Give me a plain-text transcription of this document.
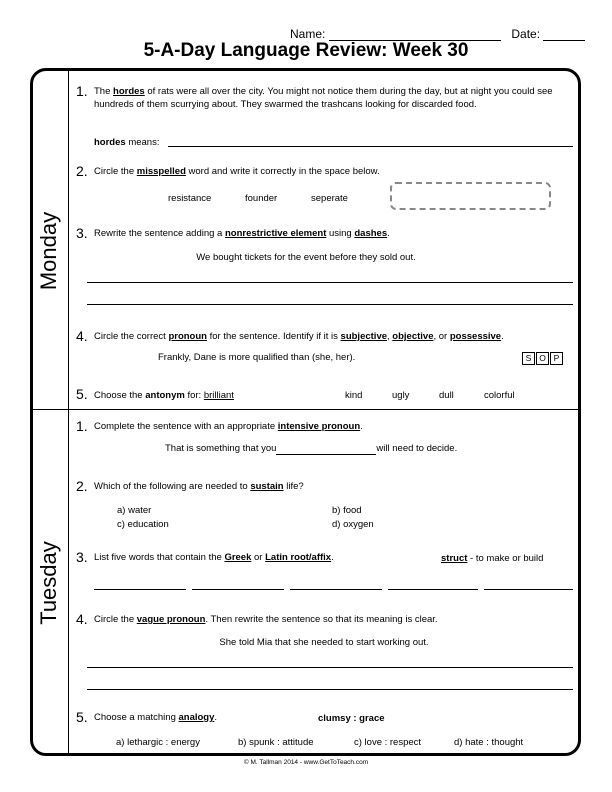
Name:	Date:
5-A-Day Language Review: Week 30
Monday
Tuesday
1. The hordes of rats were all over the city. You might not notice them during the day, but at night you could see hundreds of them scurrying about. They swarmed the trashcans looking for discarded food.
hordes means:
2. Circle the misspelled word and write it correctly in the space below.
resistance	founder	seperate
3. Rewrite the sentence adding a nonrestrictive element using dashes.
We bought tickets for the event before they sold out.
4. Circle the correct pronoun for the sentence. Identify if it is subjective, objective, or possessive.
Frankly, Dane is more qualified than (she, her).	S O P
5. Choose the antonym for: brilliant	kind	ugly	dull	colorful
1. Complete the sentence with an appropriate intensive pronoun.
That is something that you	will need to decide.
2. Which of the following are needed to sustain life?
a) water	b) food
c) education	d) oxygen
3. List five words that contain the Greek or Latin root/affix.	struct - to make or build
4. Circle the vague pronoun. Then rewrite the sentence so that its meaning is clear.
She told Mia that she needed to start working out.
5. Choose a matching analogy.	clumsy : grace
a) lethargic : energy	b) spunk : attitude	c) love : respect	d) hate : thought
© M. Tallman 2014 - www.GetToTeach.com
